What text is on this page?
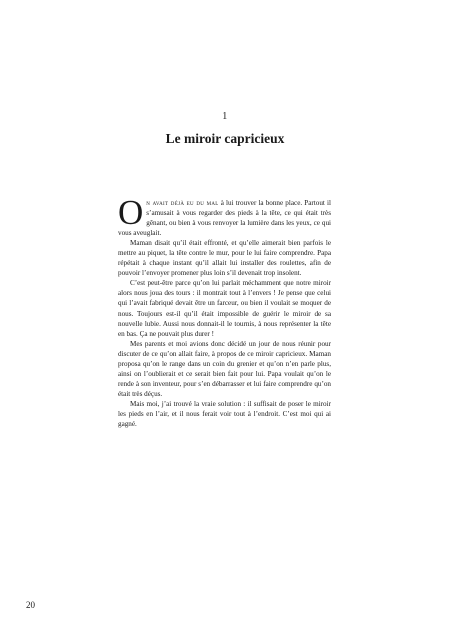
1
Le miroir capricieux

On avait déjà eu du mal à lui trouver la bonne place. Partout il s’amusait à vous regarder des pieds à la tête, ce qui était très gênant, ou bien à vous renvoyer la lumière dans les yeux, ce qui vous aveuglait.

Maman disait qu’il était effronté, et qu’elle aimerait bien parfois le mettre au piquet, la tête contre le mur, pour le lui faire comprendre. Papa répétait à chaque instant qu’il allait lui installer des roulettes, afin de pouvoir l’envoyer promener plus loin s’il devenait trop insolent.

C’est peut-être parce qu’on lui parlait méchamment que notre miroir alors nous joua des tours : il montrait tout à l’envers ! Je pense que celui qui l’avait fabriqué devait être un farceur, ou bien il voulait se moquer de nous. Toujours est-il qu’il était impossible de guérir le miroir de sa nouvelle lubie. Aussi nous donnait-il le tournis, à nous représenter la tête en bas. Ça ne pouvait plus durer !

Mes parents et moi avions donc décidé un jour de nous réunir pour discuter de ce qu’on allait faire, à propos de ce miroir capricieux. Maman proposa qu’on le range dans un coin du grenier et qu’on n’en parle plus, ainsi on l’oublierait et ce serait bien fait pour lui. Papa voulait qu’on le rende à son inventeur, pour s’en débarrasser et lui faire comprendre qu’on était très déçus.

Mais moi, j’ai trouvé la vraie solution : il suffisait de poser le miroir les pieds en l’air, et il nous ferait voir tout à l’endroit. C’est moi qui ai gagné.

20
